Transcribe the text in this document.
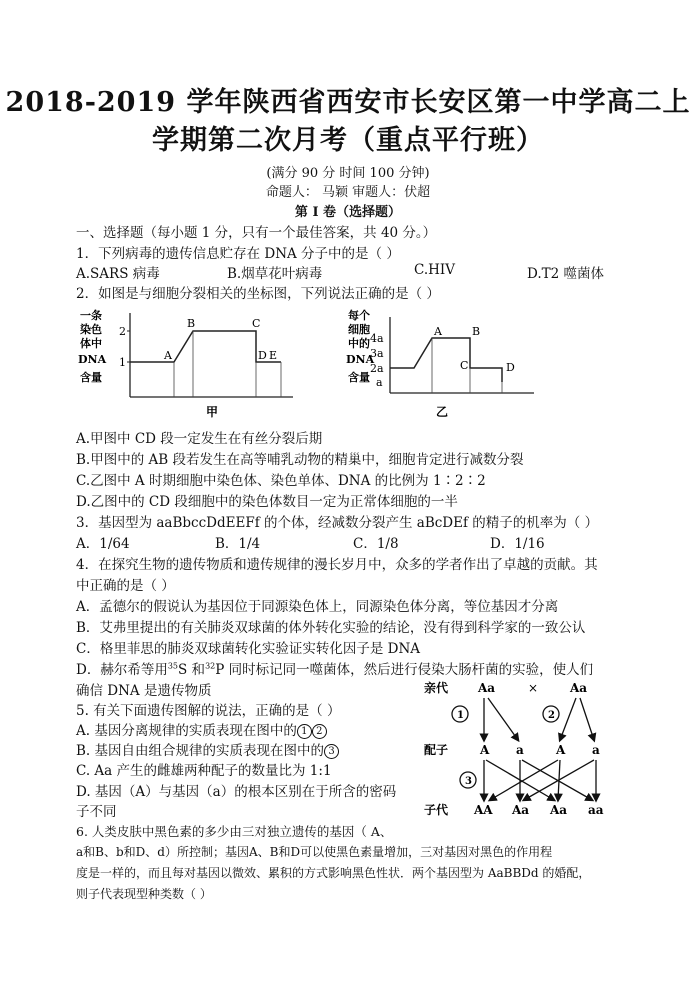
2018-2019 学年陕西省西安市长安区第一中学高二上
学期第二次月考（重点平行班）
(满分 90 分 时间 100 分钟)
命题人： 马颖 审题人：伏超
第 I 卷（选择题）
一、选择题（每小题 1 分，只有一个最佳答案，共 40 分。）
1．下列病毒的遗传信息贮存在 DNA 分子中的是（ ）
A.SARS 病毒	B.烟草花叶病毒	C.HIV	D.T2 噬菌体
2．如图是与细胞分裂相关的坐标图，下列说法正确的是（ ）
一条
染色
体中
DNA
含量
2
1
A
B	C
D E
甲
每个
细胞
中的
DNA
含量
4a
3a
2a
a
A	B
C	D
乙
A.甲图中 CD 段一定发生在有丝分裂后期
B.甲图中的 AB 段若发生在高等哺乳动物的精巢中，细胞肯定进行减数分裂
C.乙图中 A 时期细胞中染色体、染色单体、DNA 的比例为 1∶2∶2
D.乙图中的 CD 段细胞中的染色体数目一定为正常体细胞的一半
3．基因型为 aaBbccDdEEFf 的个体，经减数分裂产生 aBcDEf 的精子的机率为（ ）
A．1/64	B．1/4	C．1/8	D．1/16
4．在探究生物的遗传物质和遗传规律的漫长岁月中，众多的学者作出了卓越的贡献。其
中正确的是（ ）
A．孟德尔的假说认为基因位于同源染色体上，同源染色体分离，等位基因才分离
B．艾弗里提出的有关肺炎双球菌的体外转化实验的结论，没有得到科学家的一致公认
C．格里菲思的肺炎双球菌转化实验证实转化因子是 DNA
D．赫尔希等用$^{35}$S 和$^{32}$P 同时标记同一噬菌体，然后进行侵染大肠杆菌的实验，使人们
确信 DNA 是遗传物质
5. 有关下面遗传图解的说法，正确的是（ ）
A. 基因分离规律的实质表现在图中的 1 2
B. 基因自由组合规律的实质表现在图中的 3
C. Aa 产生的雌雄两种配子的数量比为 1:1
D. 基因（A）与基因（a）的根本区别在于所含的密码
子不同
亲代
配子
子代
Aa	×	Aa
A a	A a
AA Aa Aa aa
1	2
3
6. 人类皮肤中黑色素的多少由三对独立遗传的基因（ A、
a和B、b和D、d）所控制；基因A、B和D可以使黑色素量增加，三对基因对黑色的作用程
度是一样的，而且每对基因以微效、累积的方式影响黑色性状．两个基因型为 AaBBDd 的婚配，
则子代表现型种类数（ ）
